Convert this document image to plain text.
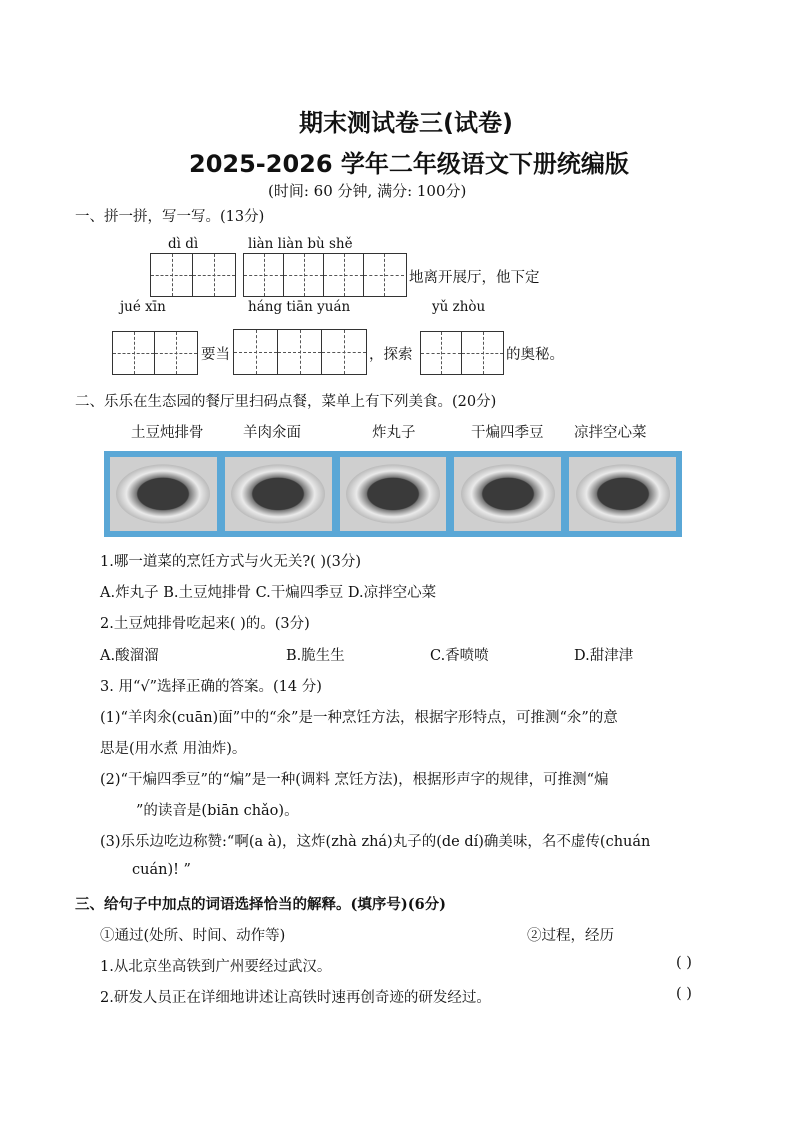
期末测试卷三(试卷)
2025-2026 学年二年级语文下册统编版
(时间: 60 分钟, 满分: 100分)
一、拼一拼，写一写。(13分)
dì dì	liàn liàn bù shě
地离开展厅，他下定
jué xīn	háng tiān yuán	yǔ zhòu
要当	，探索	的奥秘。
二、乐乐在生态园的餐厅里扫码点餐，菜单上有下列美食。(20分)
土豆炖排骨	羊肉氽面	炸丸子	干煸四季豆 凉拌空心菜
1.哪一道菜的烹饪方式与火无关?( )(3分)
A.炸丸子 B.土豆炖排骨 C.干煸四季豆 D.凉拌空心菜
2.土豆炖排骨吃起来( )的。(3分)
A.酸溜溜	B.脆生生	C.香喷喷	D.甜津津
3. 用“√”选择正确的答案。(14 分)
(1)“羊肉氽(cuān)面”中的“氽”是一种烹饪方法，根据字形特点，可推测“氽”的意
思是(用水煮 用油炸)。
(2)“干煸四季豆”的“煸”是一种(调料 烹饪方法)，根据形声字的规律，可推测“煸
”的读音是(biān chǎo)。
(3)乐乐边吃边称赞:“啊(a à)，这炸(zhà zhá)丸子的(de dí)确美味，名不虚传(chuán
cuán)! ”
三、给句子中加点的词语选择恰当的解释。(填序号)(6分)
①通过(处所、时间、动作等)	②过程，经历
1.从北京坐高铁到广州要经过武汉。	( )
2.研发人员正在详细地讲述让高铁时速再创奇迹的研发经过。	( )
